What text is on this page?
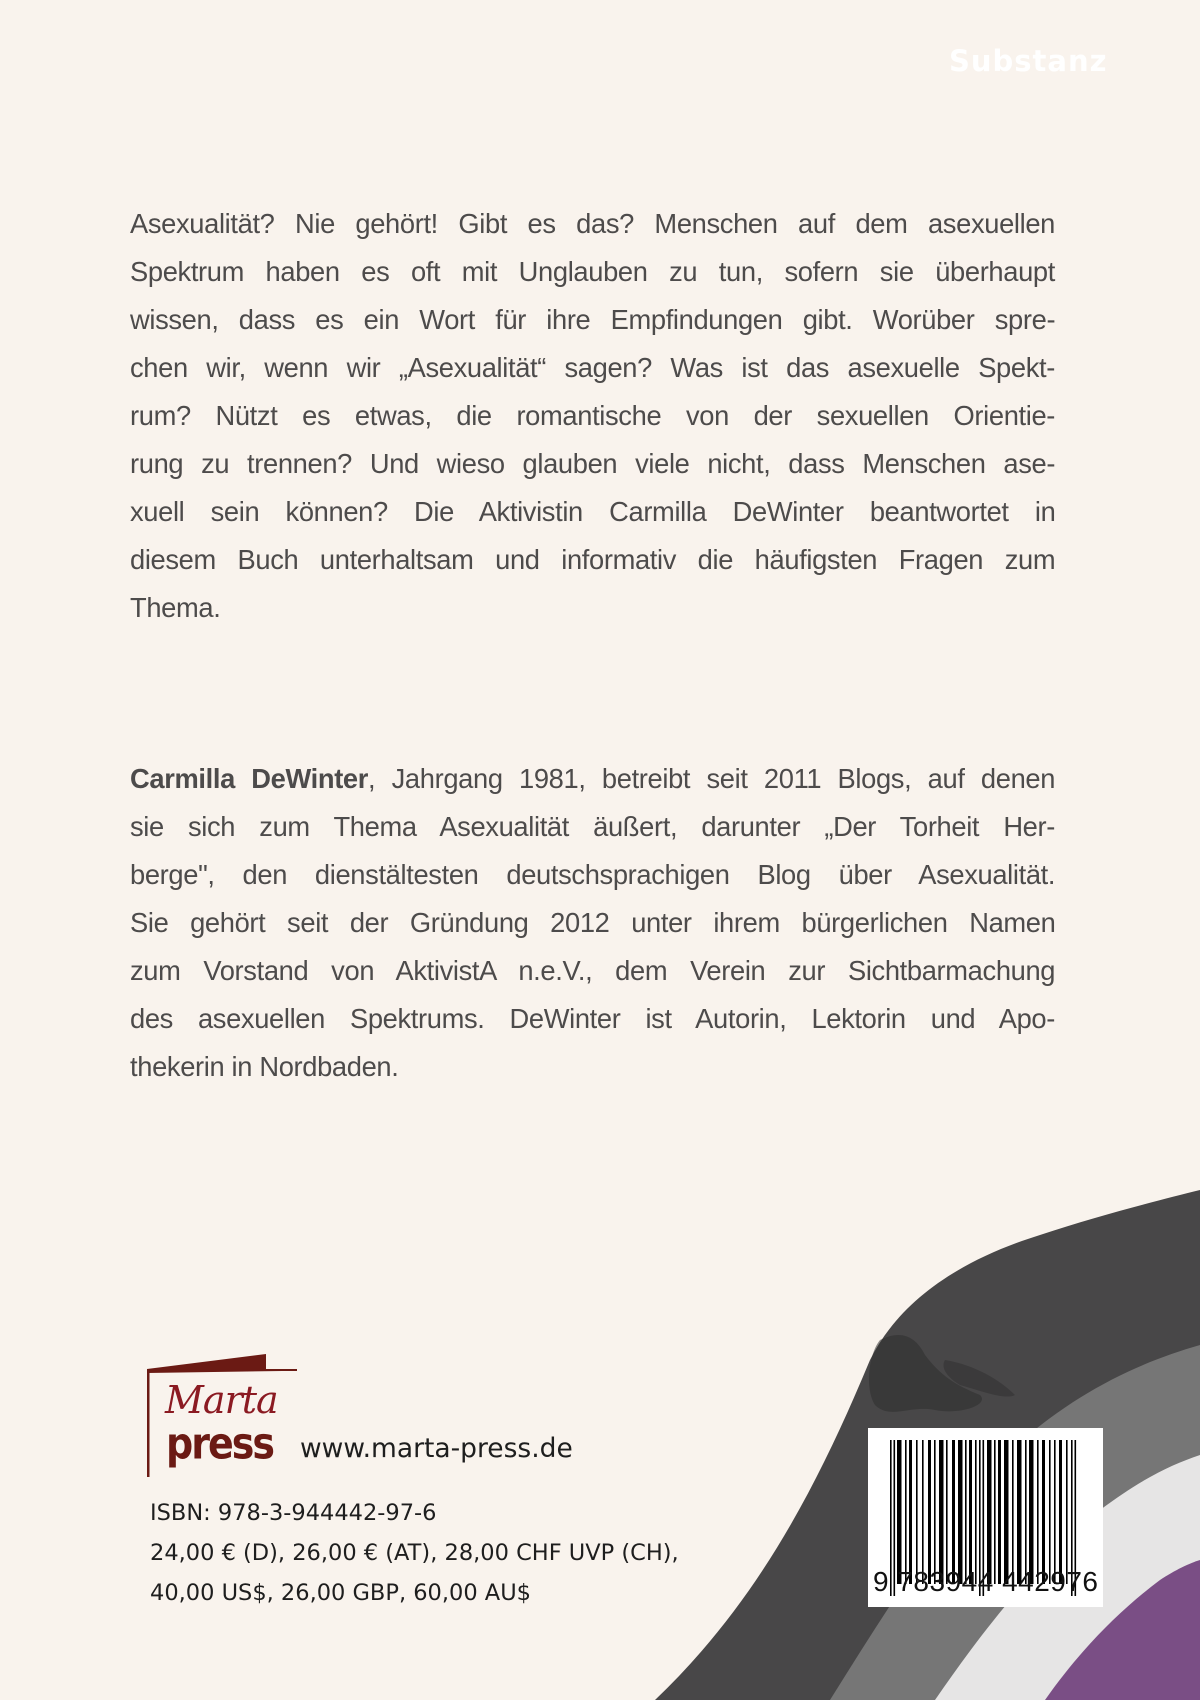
Substanz
Asexualität? Nie gehört! Gibt es das? Menschen auf dem asexuellen
Spektrum haben es oft mit Unglauben zu tun, sofern sie überhaupt
wissen, dass es ein Wort für ihre Empfindungen gibt. Worüber spre-
chen wir, wenn wir „Asexualität“ sagen? Was ist das asexuelle Spekt-
rum? Nützt es etwas, die romantische von der sexuellen Orientie-
rung zu trennen? Und wieso glauben viele nicht, dass Menschen ase-
xuell sein können? Die Aktivistin Carmilla DeWinter beantwortet in
diesem Buch unterhaltsam und informativ die häufigsten Fragen zum
Thema.
Carmilla DeWinter, Jahrgang 1981, betreibt seit 2011 Blogs, auf denen
sie sich zum Thema Asexualität äußert, darunter „Der Torheit Her-
berge", den dienstältesten deutschsprachigen Blog über Asexualität.
Sie gehört seit der Gründung 2012 unter ihrem bürgerlichen Namen
zum Vorstand von AktivistA n.e.V., dem Verein zur Sichtbarmachung
des asexuellen Spektrums. DeWinter ist Autorin, Lektorin und Apo-
thekerin in Nordbaden.
Marta
press www.marta-press.de
ISBN: 978-3-944442-97-6
24,00 € (D), 26,00 € (AT), 28,00 CHF UVP (CH),
40,00 US$, 26,00 GBP, 60,00 AU$	9 783944 442976
